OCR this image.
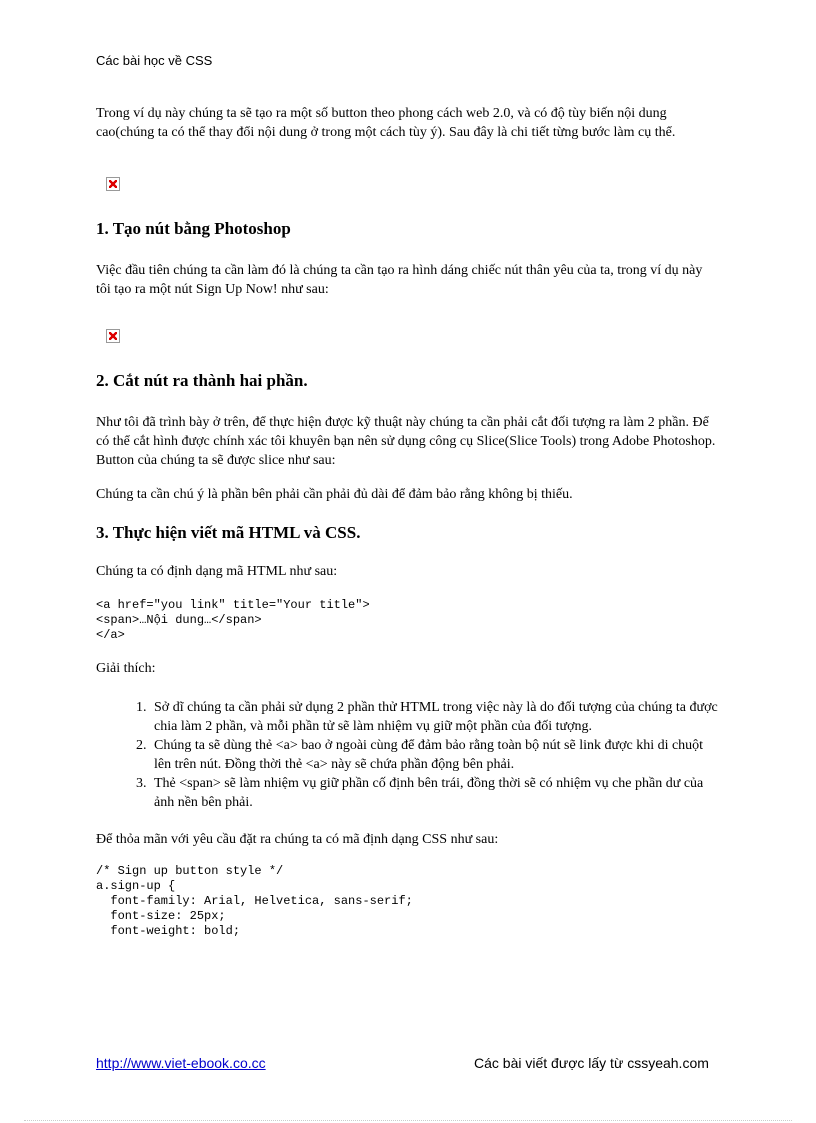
Các bài học về CSS

Trong ví dụ này chúng ta sẽ tạo ra một số button theo phong cách web 2.0, và có độ tùy biến nội dung cao(chúng ta có thể thay đổi nội dung ở trong một cách tùy ý). Sau đây là chi tiết từng bước làm cụ thể.

1. Tạo nút bằng Photoshop

Việc đầu tiên chúng ta cần làm đó là chúng ta cần tạo ra hình dáng chiếc nút thân yêu của ta, trong ví dụ này tôi tạo ra một nút Sign Up Now! như sau:

2. Cắt nút ra thành hai phần.

Như tôi đã trình bày ở trên, để thực hiện được kỹ thuật này chúng ta cần phải cắt đối tượng ra làm 2 phần. Để có thể cắt hình được chính xác tôi khuyên bạn nên sử dụng công cụ Slice(Slice Tools) trong Adobe Photoshop. Button của chúng ta sẽ được slice như sau:

Chúng ta cần chú ý là phần bên phải cần phải đủ dài để đảm bảo rằng không bị thiếu.

3. Thực hiện viết mã HTML và CSS.

Chúng ta có định dạng mã HTML như sau:

<a href="you link" title="Your title">
<span>…Nội dung…</span>
</a>

Giải thích:

1. Sở dĩ chúng ta cần phải sử dụng 2 phần thử HTML trong việc này là do đối tượng của chúng ta được chia làm 2 phần, và mỗi phần tử sẽ làm nhiệm vụ giữ một phần của đối tượng.
2. Chúng ta sẽ dùng thẻ <a> bao ở ngoài cùng để đảm bảo rằng toàn bộ nút sẽ link được khi di chuột lên trên nút. Đồng thời thẻ <a> này sẽ chứa phần động bên phải.
3. Thẻ <span> sẽ làm nhiệm vụ giữ phần cố định bên trái, đồng thời sẽ có nhiệm vụ che phần dư của ảnh nền bên phải.

Để thỏa mãn với yêu cầu đặt ra chúng ta có mã định dạng CSS như sau:

/* Sign up button style */
a.sign-up {
font-family: Arial, Helvetica, sans-serif;
font-size: 25px;
font-weight: bold;
http://www.viet-ebook.co.cc	Các bài viết được lấy từ cssyeah.com
